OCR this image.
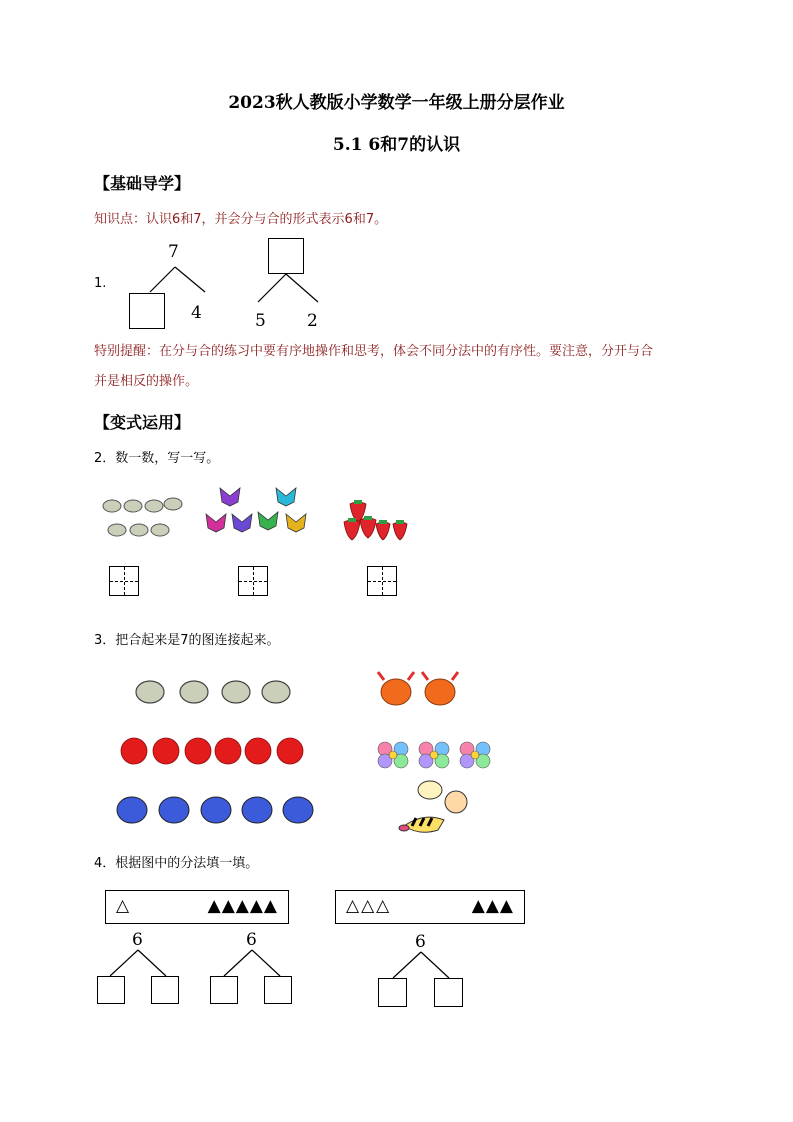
2023秋人教版小学数学一年级上册分层作业
5.1 6和7的认识
【基础导学】
知识点：认识6和7，并会分与合的形式表示6和7。
1.
7
4	5 2
特别提醒：在分与合的练习中要有序地操作和思考，体会不同分法中的有序性。要注意，分开与合
并是相反的操作。
【变式运用】
2．数一数，写一写。
3．把合起来是7的图连接起来。
4．根据图中的分法填一填。
△	▲▲▲▲▲	△△△	▲▲▲
6	6	6
